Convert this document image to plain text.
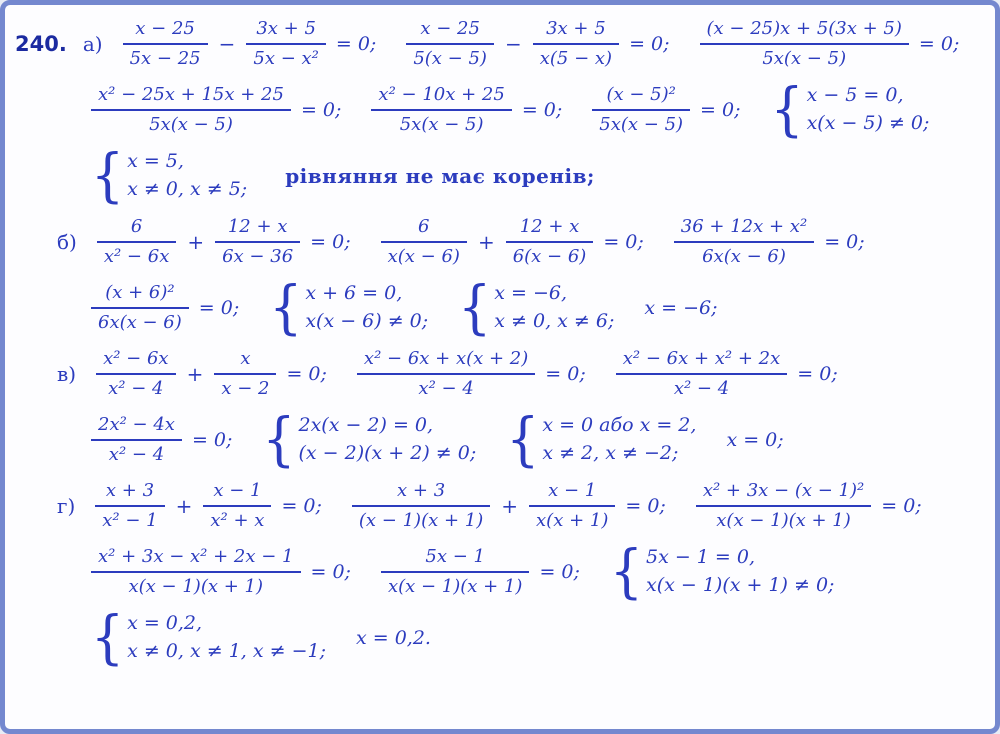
240. $а) \frac{x - 25}{5x - 25} - \frac{3x + 5}{\text{5x − x²}} = 0$; $\frac{x - 25}{5(x - 5)} - \frac{3x + 5}{x(5 - x)} = 0$; $\frac{(x - 25)x + 5(3x + 5)}{5x(x - 5)} = 0$;
$\frac{\text{x² − 25x + 15x + 25}}{5x(x - 5)} = 0$; $\frac{\text{x² − 10x + 25}}{5x(x - 5)} = 0$; $\frac{\text{(x − 5)²}}{5x(x - 5)} = 0$;
{
x − 5 = 0,
x(x − 5) ≠ 0;
{
x = 5,
x ≠ 0, x ≠ 5;
рівняння не має коренів;
$б) \frac{6}{\text{x² − 6x}} + \frac{12 + x}{6x - 36} = 0$; $\frac{6}{x(x - 6)} + \frac{12 + x}{6(x - 6)} = 0$; $\frac{\text{36 + 12x + x²}}{6x(x - 6)} = 0$;
$\frac{\text{(x + 6)²}}{6x(x - 6)} = 0$;
{
x + 6 = 0,
x(x − 6) ≠ 0;
{
x = −6,
x ≠ 0, x ≠ 6;
x = −6;
$в) \frac{\text{x² − 6x}}{\text{x² − 4}} + \frac{x}{x - 2} = 0$; $\frac{\text{x² − 6x + x(x + 2)}}{\text{x² − 4}} = 0$; $\frac{\text{x² − 6x + x² + 2x}}{\text{x² − 4}} = 0$;
$\frac{\text{2x² − 4x}}{\text{x² − 4}} = 0$;
{
2x(x − 2) = 0,
(x − 2)(x + 2) ≠ 0;
{
x = 0 або x = 2,
x ≠ 2, x ≠ −2;
x = 0;
$г) \frac{x + 3}{\text{x² − 1}} + \frac{x - 1}{\text{x² + x}} = 0$; $\frac{x + 3}{(x - 1)(x + 1)} + \frac{x - 1}{x(x + 1)} = 0$; $\frac{\text{x² + 3x − (x − 1)²}}{x(x - 1)(x + 1)} = 0$;
$\frac{\text{x² + 3x − x² + 2x − 1}}{x(x - 1)(x + 1)} = 0$; $\frac{5x - 1}{x(x - 1)(x + 1)} = 0$;
{
5x − 1 = 0,
x(x − 1)(x + 1) ≠ 0;
{
x = 0,2,
x ≠ 0, x ≠ 1, x ≠ −1;
x = 0,2.
